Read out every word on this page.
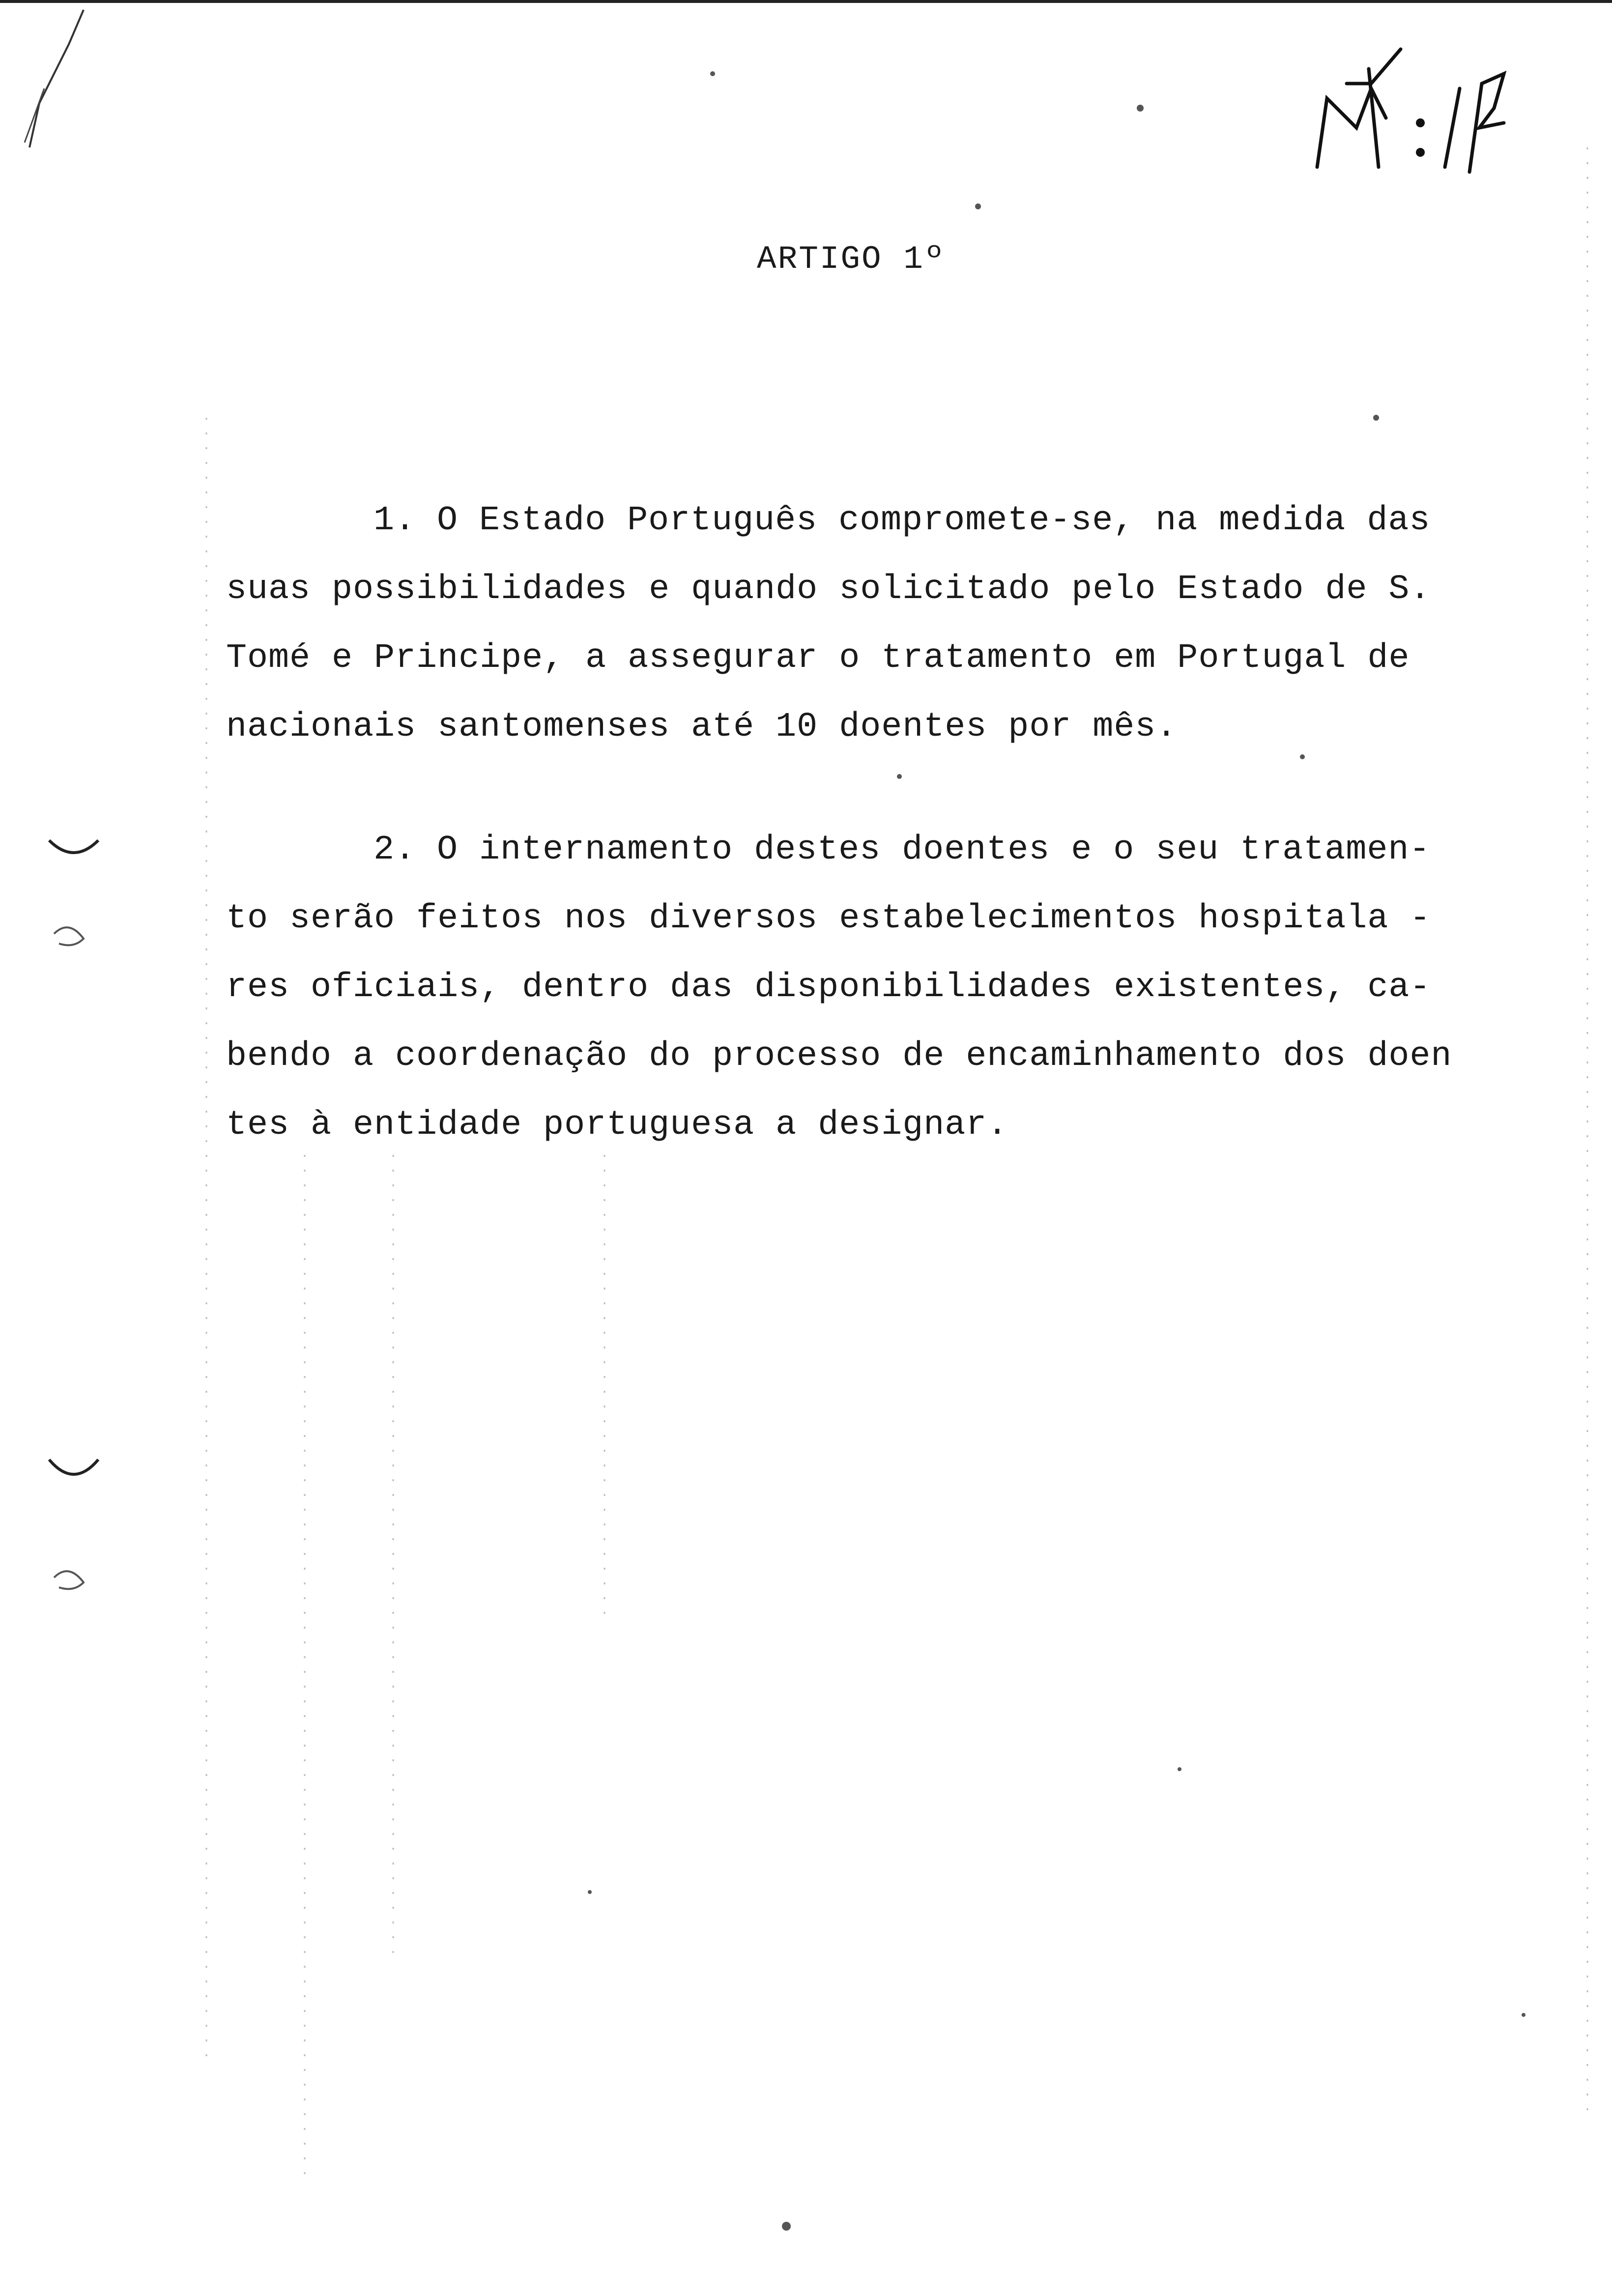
ARTIGO 1º
1. O Estado Português compromete-se, na medida das
suas possibilidades e quando solicitado pelo Estado de S.
Tomé e Principe, a assegurar o tratamento em Portugal de
nacionais santomenses até 10 doentes por mês.
2. O internamento destes doentes e o seu tratamen-
to serão feitos nos diversos estabelecimentos hospitala -
res oficiais, dentro das disponibilidades existentes, ca-
bendo a coordenação do processo de encaminhamento dos doen
tes à entidade portuguesa a designar.
